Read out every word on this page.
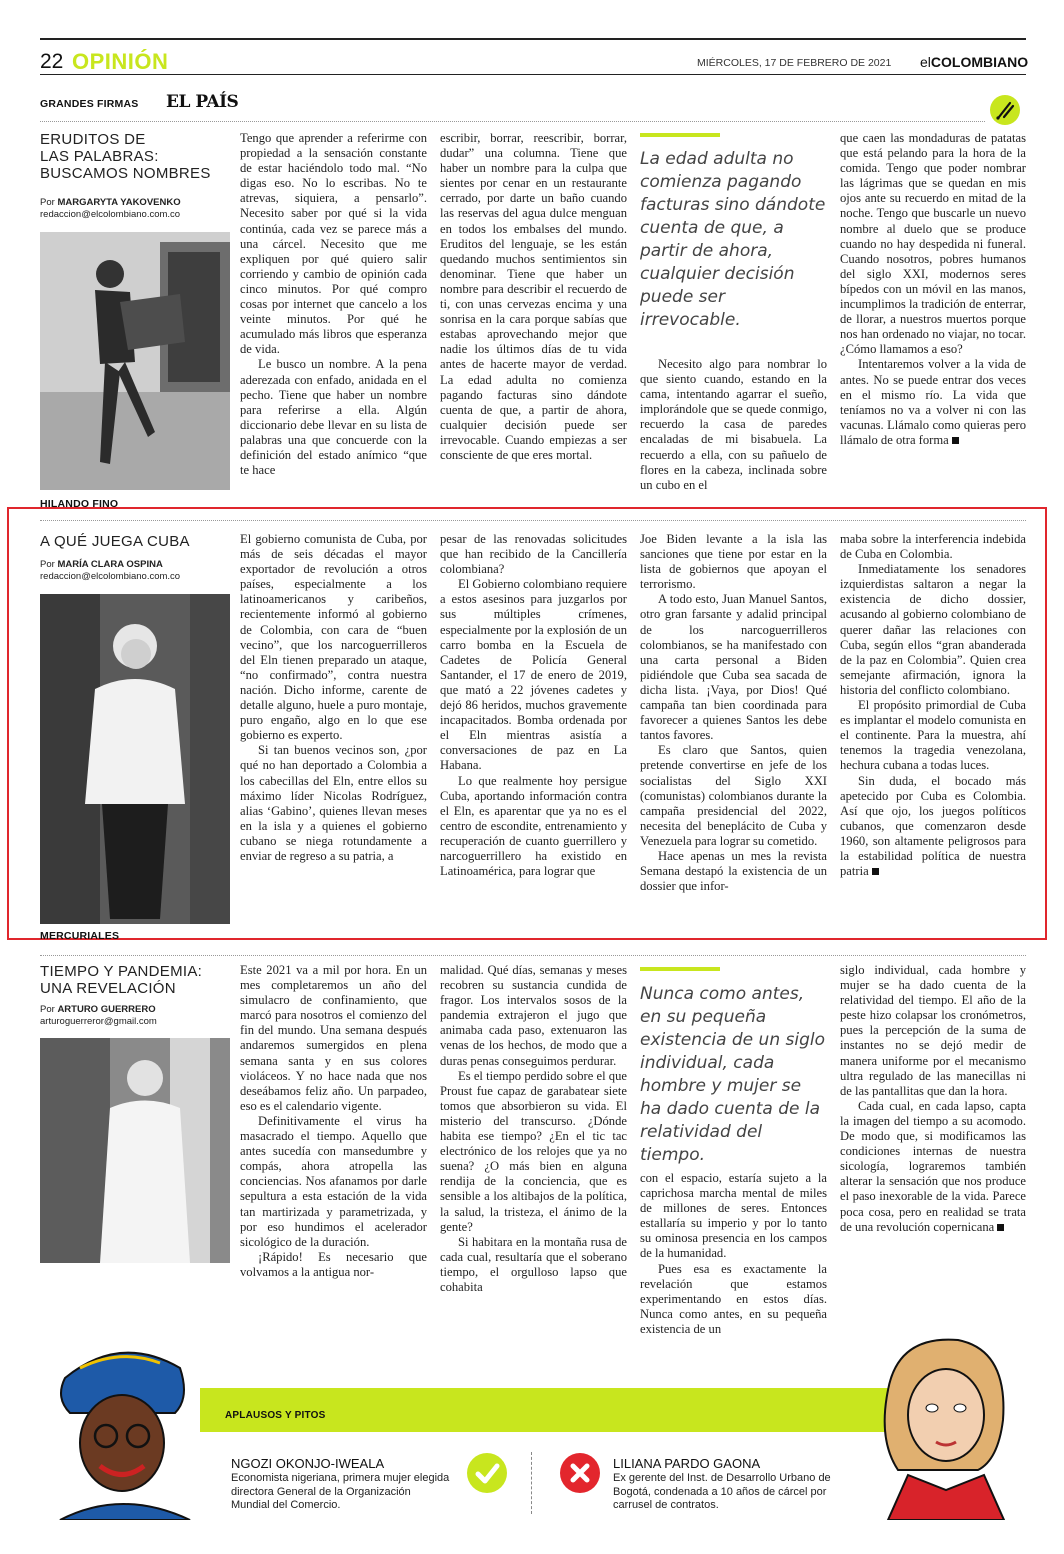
22 OPINIÓN	MIÉRCOLES, 17 DE FEBRERO DE 2021 elCOLOMBIANO
GRANDES FIRMAS EL PAÍS
ERUDITOS DE
LAS PALABRAS:
BUSCAMOS NOMBRES
Por MARGARYTA YAKOVENKO
redaccion@elcolombiano.com.co

Tengo que aprender a referirme con propiedad a la sensación constante de estar haciéndolo todo mal. “No digas eso. No lo escribas. No te atrevas, siquiera, a pensarlo”. Necesito saber por qué si la vida continúa, cada vez se parece más a una cárcel. Necesito que me expliquen por qué quiero salir corriendo y cambio de opinión cada cinco minutos. Por qué compro cosas por internet que cancelo a los veinte minutos. Por qué he acumulado más libros que esperanza de vida.

Le busco un nombre. A la pena aderezada con enfado, anidada en el pecho. Tiene que haber un nombre para referirse a ella. Algún diccionario debe llevar en su lista de palabras una que concuerde con la definición del estado anímico “que te hace

escribir, borrar, reescribir, borrar, dudar” una columna. Tiene que haber un nombre para la culpa que sientes por cenar en un restaurante cerrado, por darte un baño cuando las reservas del agua dulce menguan en todos los embalses del mundo. Eruditos del lenguaje, se les están quedando muchos sentimientos sin denominar. Tiene que haber un nombre para describir el recuerdo de ti, con unas cervezas encima y una sonrisa en la cara porque sabías que estabas aprovechando mejor que nadie los últimos días de tu vida antes de hacerte mayor de verdad. La edad adulta no comienza pagando facturas sino dándote cuenta de que, a partir de ahora, cualquier decisión puede ser irrevocable. Cuando empiezas a ser consciente de que eres mortal.

La edad adulta no comienza pagando facturas sino dándote cuenta de que, a partir de ahora, cualquier decisión puede ser irrevocable.

Necesito algo para nombrar lo que siento cuando, estando en la cama, intentando agarrar el sueño, implorándole que se quede conmigo, recuerdo la casa de paredes encaladas de mi bisabuela. La recuerdo a ella, con su pañuelo de flores en la cabeza, inclinada sobre un cubo en el

que caen las mondaduras de patatas que está pelando para la hora de la comida. Tengo que poder nombrar las lágrimas que se quedan en mis ojos ante su recuerdo en mitad de la noche. Tengo que buscarle un nuevo nombre al duelo que se produce cuando no hay despedida ni funeral. Cuando nosotros, pobres humanos del siglo XXI, modernos seres bípedos con un móvil en las manos, incumplimos la tradición de enterrar, de llorar, a nuestros muertos porque nos han ordenado no viajar, no tocar. ¿Cómo llamamos a eso?

Intentaremos volver a la vida de antes. No se puede entrar dos veces en el mismo río. La vida que teníamos no va a volver ni con las vacunas. Llámalo como quieras pero llámalo de otra forma

HILANDO FINO
A QUÉ JUEGA CUBA
Por MARÍA CLARA OSPINA
redaccion@elcolombiano.com.co

El gobierno comunista de Cuba, por más de seis décadas el mayor exportador de revolución a otros países, especialmente a los latinoamericanos y caribeños, recientemente informó al gobierno de Colombia, con cara de “buen vecino”, que los narcoguerrilleros del Eln tienen preparado un ataque, “no confirmado”, contra nuestra nación. Dicho informe, carente de detalle alguno, huele a puro montaje, puro engaño, algo en lo que ese gobierno es experto.

Si tan buenos vecinos son, ¿por qué no han deportado a Colombia a los cabecillas del Eln, entre ellos su máximo líder Nicolas Rodríguez, alias ‘Gabino’, quienes llevan meses en la isla y a quienes el gobierno cubano se niega rotundamente a enviar de regreso a su patria, a

pesar de las renovadas solicitudes que han recibido de la Cancillería colombiana?

El Gobierno colombiano requiere a estos asesinos para juzgarlos por sus múltiples crímenes, especialmente por la explosión de un carro bomba en la Escuela de Cadetes de Policía General Santander, el 17 de enero de 2019, que mató a 22 jóvenes cadetes y dejó 86 heridos, muchos gravemente incapacitados. Bomba ordenada por el Eln mientras asistía a conversaciones de paz en La Habana.

Lo que realmente hoy persigue Cuba, aportando información contra el Eln, es aparentar que ya no es el centro de escondite, entrenamiento y recuperación de cuanto guerrillero y narcoguerrillero ha existido en Latinoamérica, para lograr que

Joe Biden levante a la isla las sanciones que tiene por estar en la lista de gobiernos que apoyan el terrorismo.

A todo esto, Juan Manuel Santos, otro gran farsante y adalid principal de los narcoguerrilleros colombianos, se ha manifestado con una carta personal a Biden pidiéndole que Cuba sea sacada de dicha lista. ¡Vaya, por Dios! Qué campaña tan bien coordinada para favorecer a quienes Santos les debe tantos favores.

Es claro que Santos, quien pretende convertirse en jefe de los socialistas del Siglo XXI (comunistas) colombianos durante la campaña presidencial del 2022, necesita del beneplácito de Cuba y Venezuela para lograr su cometido.

Hace apenas un mes la revista Semana destapó la existencia de un dossier que infor-

maba sobre la interferencia indebida de Cuba en Colombia.

Inmediatamente los senadores izquierdistas saltaron a negar la existencia de dicho dossier, acusando al gobierno colombiano de querer dañar las relaciones con Cuba, según ellos “gran abanderada de la paz en Colombia”. Quien crea semejante afirmación, ignora la historia del conflicto colombiano.

El propósito primordial de Cuba es implantar el modelo comunista en el continente. Para la muestra, ahí tenemos la tragedia venezolana, hechura cubana a todas luces.

Sin duda, el bocado más apetecido por Cuba es Colombia. Así que ojo, los juegos políticos cubanos, que comenzaron desde 1960, son altamente peligrosos para la estabilidad política de nuestra patria

MERCURIALES
TIEMPO Y PANDEMIA:
UNA REVELACIÓN
Por ARTURO GUERRERO
arturoguerreror@gmail.com

Este 2021 va a mil por hora. En un mes completaremos un año del simulacro de confinamiento, que marcó para nosotros el comienzo del fin del mundo. Una semana después andaremos sumergidos en plena semana santa y en sus colores violáceos. Y no hace nada que nos deseábamos feliz año. Un parpadeo, eso es el calendario vigente.

Definitivamente el virus ha masacrado el tiempo. Aquello que antes sucedía con mansedumbre y compás, ahora atropella las conciencias. Nos afanamos por darle sepultura a esta estación de la vida tan martirizada y parametrizada, y por eso hundimos el acelerador sicológico de la duración.

¡Rápido! Es necesario que volvamos a la antigua nor-

malidad. Qué días, semanas y meses recobren su sustancia cundida de fragor. Los intervalos sosos de la pandemia extrajeron el jugo que animaba cada paso, extenuaron las venas de los hechos, de modo que a duras penas conseguimos perdurar.

Es el tiempo perdido sobre el que Proust fue capaz de garabatear siete tomos que absorbieron su vida. El misterio del transcurso. ¿Dónde habita ese tiempo? ¿En el tic tac electrónico de los relojes que ya no suena? ¿O más bien en alguna rendija de la conciencia, que es sensible a los altibajos de la política, la salud, la tristeza, el ánimo de la gente?

Si habitara en la montaña rusa de cada cual, resultaría que el soberano tiempo, el orgulloso lapso que cohabita

Nunca como antes, en su pequeña existencia de un siglo individual, cada hombre y mujer se ha dado cuenta de la relatividad del tiempo.

con el espacio, estaría sujeto a la caprichosa marcha mental de miles de millones de seres. Entonces estallaría su imperio y por lo tanto su ominosa presencia en los campos de la humanidad.

Pues esa es exactamente la revelación que estamos experimentando en estos días. Nunca como antes, en su pequeña existencia de un

siglo individual, cada hombre y mujer se ha dado cuenta de la relatividad del tiempo. El año de la peste hizo colapsar los cronómetros, pues la percepción de la suma de instantes no se dejó medir de manera uniforme por el mecanismo ultra regulado de las manecillas ni de las pantallitas que dan la hora.

Cada cual, en cada lapso, capta la imagen del tiempo a su acomodo. De modo que, si modificamos las condiciones internas de nuestra sicología, lograremos también alterar la sensación que nos produce el paso inexorable de la vida. Parece poca cosa, pero en realidad se trata de una revolución copernicana

APLAUSOS Y PITOS
NGOZI OKONJO-IWEALA
Economista nigeriana, primera mujer elegida directora General de la Organización Mundial del Comercio.
LILIANA PARDO GAONA
Ex gerente del Inst. de Desarrollo Urbano de Bogotá, condenada a 10 años de cárcel por carrusel de contratos.
